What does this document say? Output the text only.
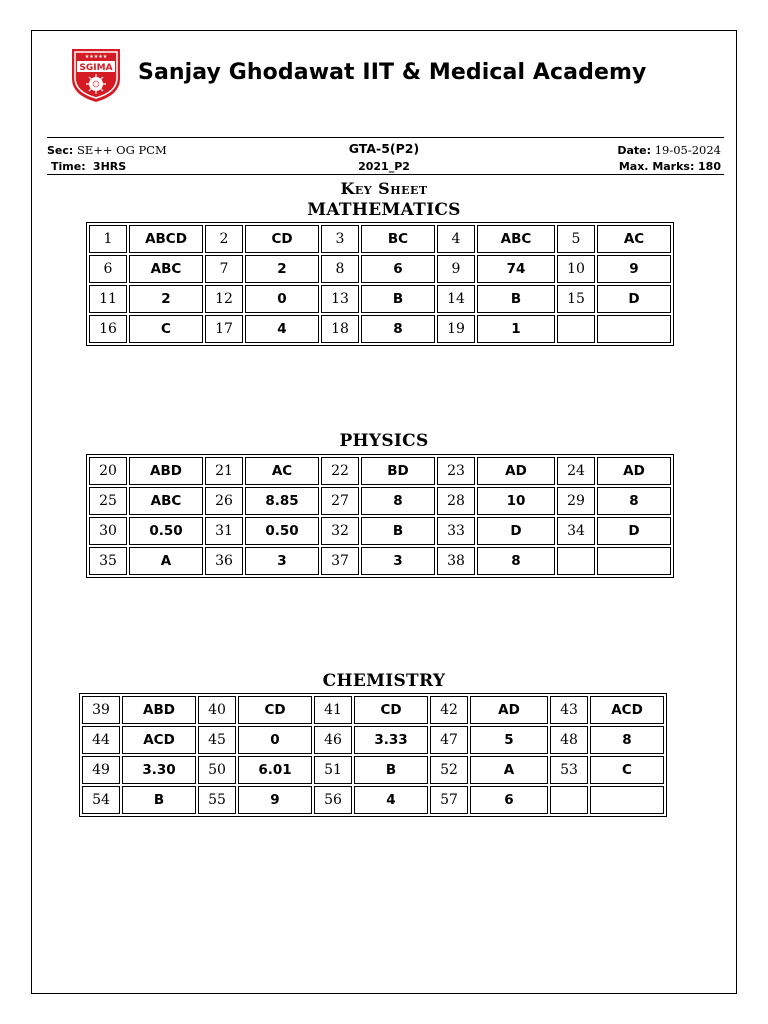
★★★★★
SGIMA Sanjay Ghodawat IIT & Medical Academy
Sec: SE++ OG PCM
Time: 3HRS
GTA-5(P2)
2021_P2
Date: 19-05-2024
Max. Marks: 180
Key Sheet
MATHEMATICS
1	ABCD	2	CD	3	BC	4	ABC	5	AC
6	ABC	7	2	8	6	9	74	10	9
11	2	12	0	13	B	14	B	15	D
16	C	17	4	18	8	19	1		
PHYSICS
20	ABD	21	AC	22	BD	23	AD	24	AD
25	ABC	26	8.85	27	8	28	10	29	8
30	0.50	31	0.50	32	B	33	D	34	D
35	A	36	3	37	3	38	8		
CHEMISTRY
39	ABD	40	CD	41	CD	42	AD	43	ACD
44	ACD	45	0	46	3.33	47	5	48	8
49	3.30	50	6.01	51	B	52	A	53	C
54	B	55	9	56	4	57	6		
